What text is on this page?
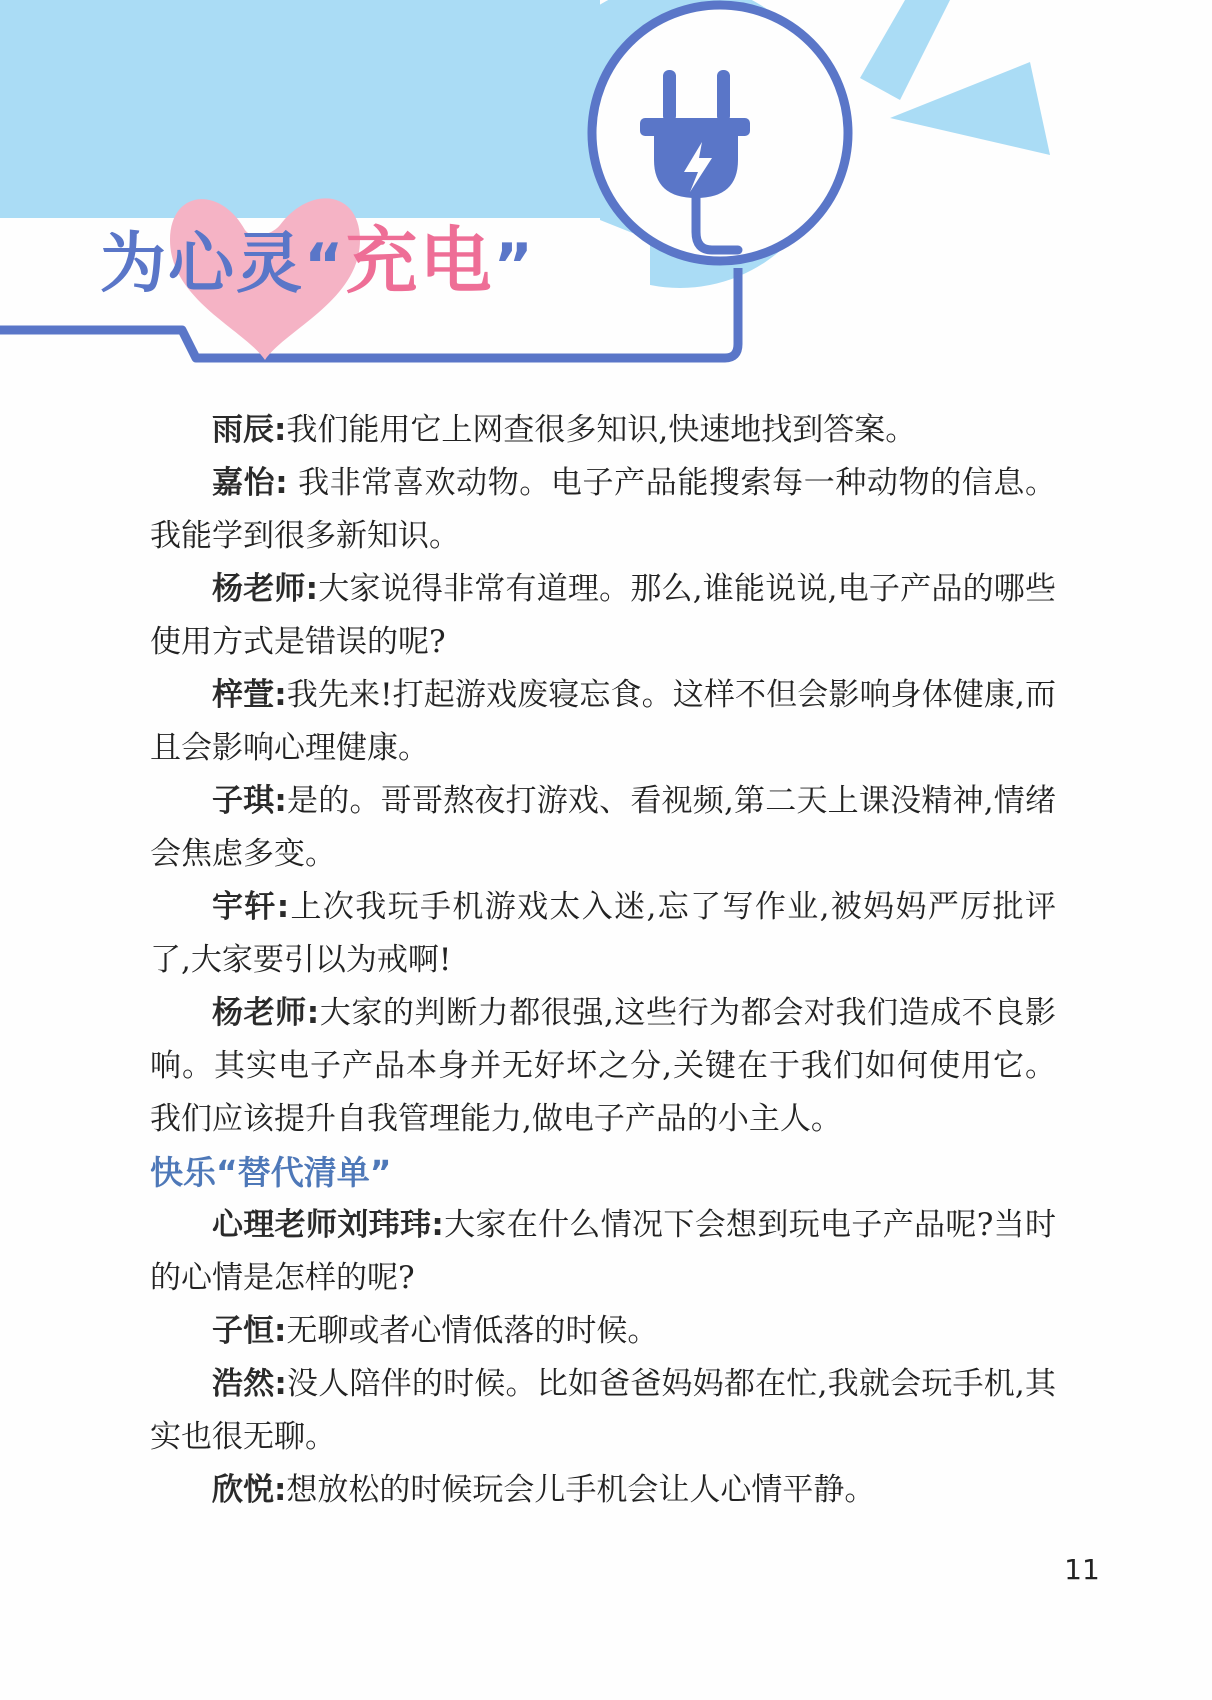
为心灵“充电”

雨辰:我们能用它上网查很多知识,快速地找到答案。

嘉怡: 我非常喜欢动物。电子产品能搜索每一种动物的信息。我能学到很多新知识。

杨老师:大家说得非常有道理。那么,谁能说说,电子产品的哪些使用方式是错误的呢?

梓萱:我先来!打起游戏废寝忘食。这样不但会影响身体健康,而且会影响心理健康。

子琪:是的。哥哥熬夜打游戏、看视频,第二天上课没精神,情绪会焦虑多变。

宇轩:上次我玩手机游戏太入迷,忘了写作业,被妈妈严厉批评了,大家要引以为戒啊!

杨老师:大家的判断力都很强,这些行为都会对我们造成不良影响。其实电子产品本身并无好坏之分,关键在于我们如何使用它。我们应该提升自我管理能力,做电子产品的小主人。

快乐“替代清单”

心理老师刘玮玮:大家在什么情况下会想到玩电子产品呢?当时的心情是怎样的呢?

子恒:无聊或者心情低落的时候。

浩然:没人陪伴的时候。比如爸爸妈妈都在忙,我就会玩手机,其实也很无聊。

欣悦:想放松的时候玩会儿手机会让人心情平静。

11
